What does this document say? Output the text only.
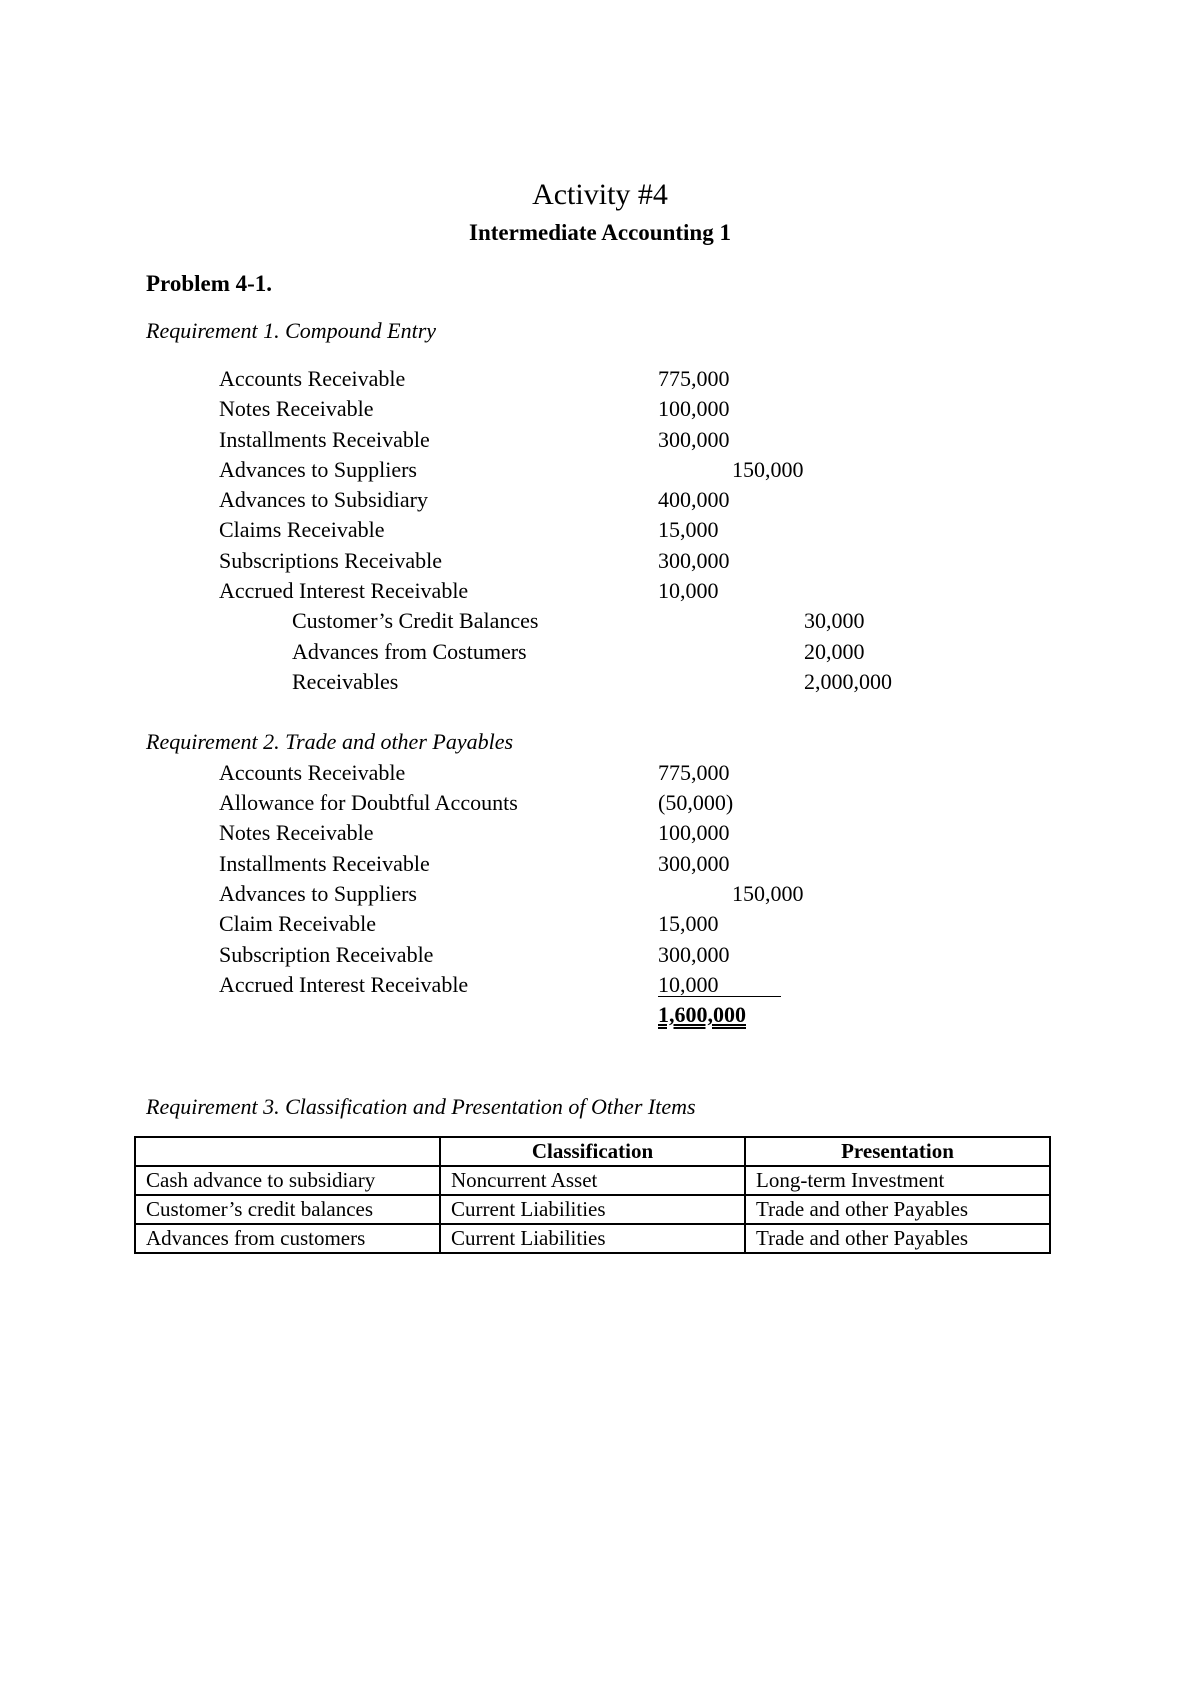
Activity #4
Intermediate Accounting 1
Problem 4-1.
Requirement 1. Compound Entry
Accounts Receivable	775,000
Notes Receivable	100,000
Installments Receivable	300,000
Advances to Suppliers	150,000
Advances to Subsidiary	400,000
Claims Receivable	15,000
Subscriptions Receivable	300,000
Accrued Interest Receivable	10,000
Customer’s Credit Balances	30,000
Advances from Costumers	20,000
Receivables	2,000,000
Requirement 2. Trade and other Payables
Accounts Receivable	775,000
Allowance for Doubtful Accounts	(50,000)
Notes Receivable	100,000
Installments Receivable	300,000
Advances to Suppliers	150,000
Claim Receivable	15,000
Subscription Receivable	300,000
Accrued Interest Receivable	10,000
1,600,000
Requirement 3. Classification and Presentation of Other Items
	Classification	Presentation
Cash advance to subsidiary	Noncurrent Asset	Long-term Investment
Customer’s credit balances	Current Liabilities	Trade and other Payables
Advances from customers	Current Liabilities	Trade and other Payables
